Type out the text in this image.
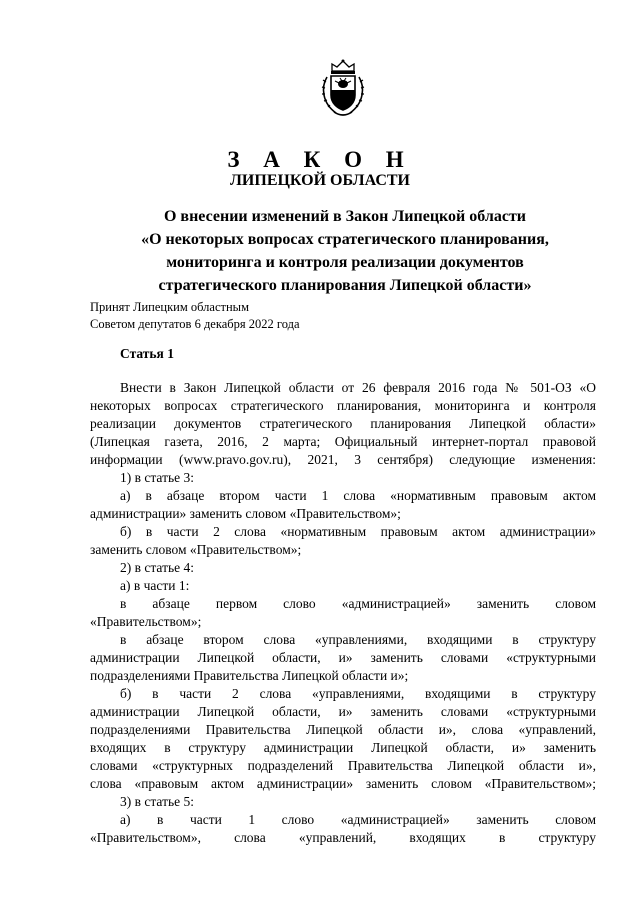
З А К О Н
ЛИПЕЦКОЙ ОБЛАСТИ
О внесении изменений в Закон Липецкой области
«О некоторых вопросах стратегического планирования,
мониторинга и контроля реализации документов
стратегического планирования Липецкой области»
Принят Липецким областным
Советом депутатов 6 декабря 2022 года
Статья 1
Внести в Закон Липецкой области от 26 февраля 2016 года № 501-ОЗ «О
некоторых вопросах стратегического планирования, мониторинга и контроля
реализации документов стратегического планирования Липецкой области»
(Липецкая газета, 2016, 2 марта; Официальный интернет-портал правовой
информации (www.pravo.gov.ru), 2021, 3 сентября) следующие изменения:
1) в статье 3:
а) в абзаце втором части 1 слова «нормативным правовым актом
администрации» заменить словом «Правительством»;
б) в части 2 слова «нормативным правовым актом администрации»
заменить словом «Правительством»;
2) в статье 4:
а) в части 1:
в абзаце первом слово «администрацией» заменить словом
«Правительством»;
в абзаце втором слова «управлениями, входящими в структуру
администрации Липецкой области, и» заменить словами «структурными
подразделениями Правительства Липецкой области и»;
б) в части 2 слова «управлениями, входящими в структуру
администрации Липецкой области, и» заменить словами «структурными
подразделениями Правительства Липецкой области и», слова «управлений,
входящих в структуру администрации Липецкой области, и» заменить
словами «структурных подразделений Правительства Липецкой области и»,
слова «правовым актом администрации» заменить словом «Правительством»;
3) в статье 5:
а) в части 1 слово «администрацией» заменить словом
«Правительством», слова «управлений, входящих в структуру
